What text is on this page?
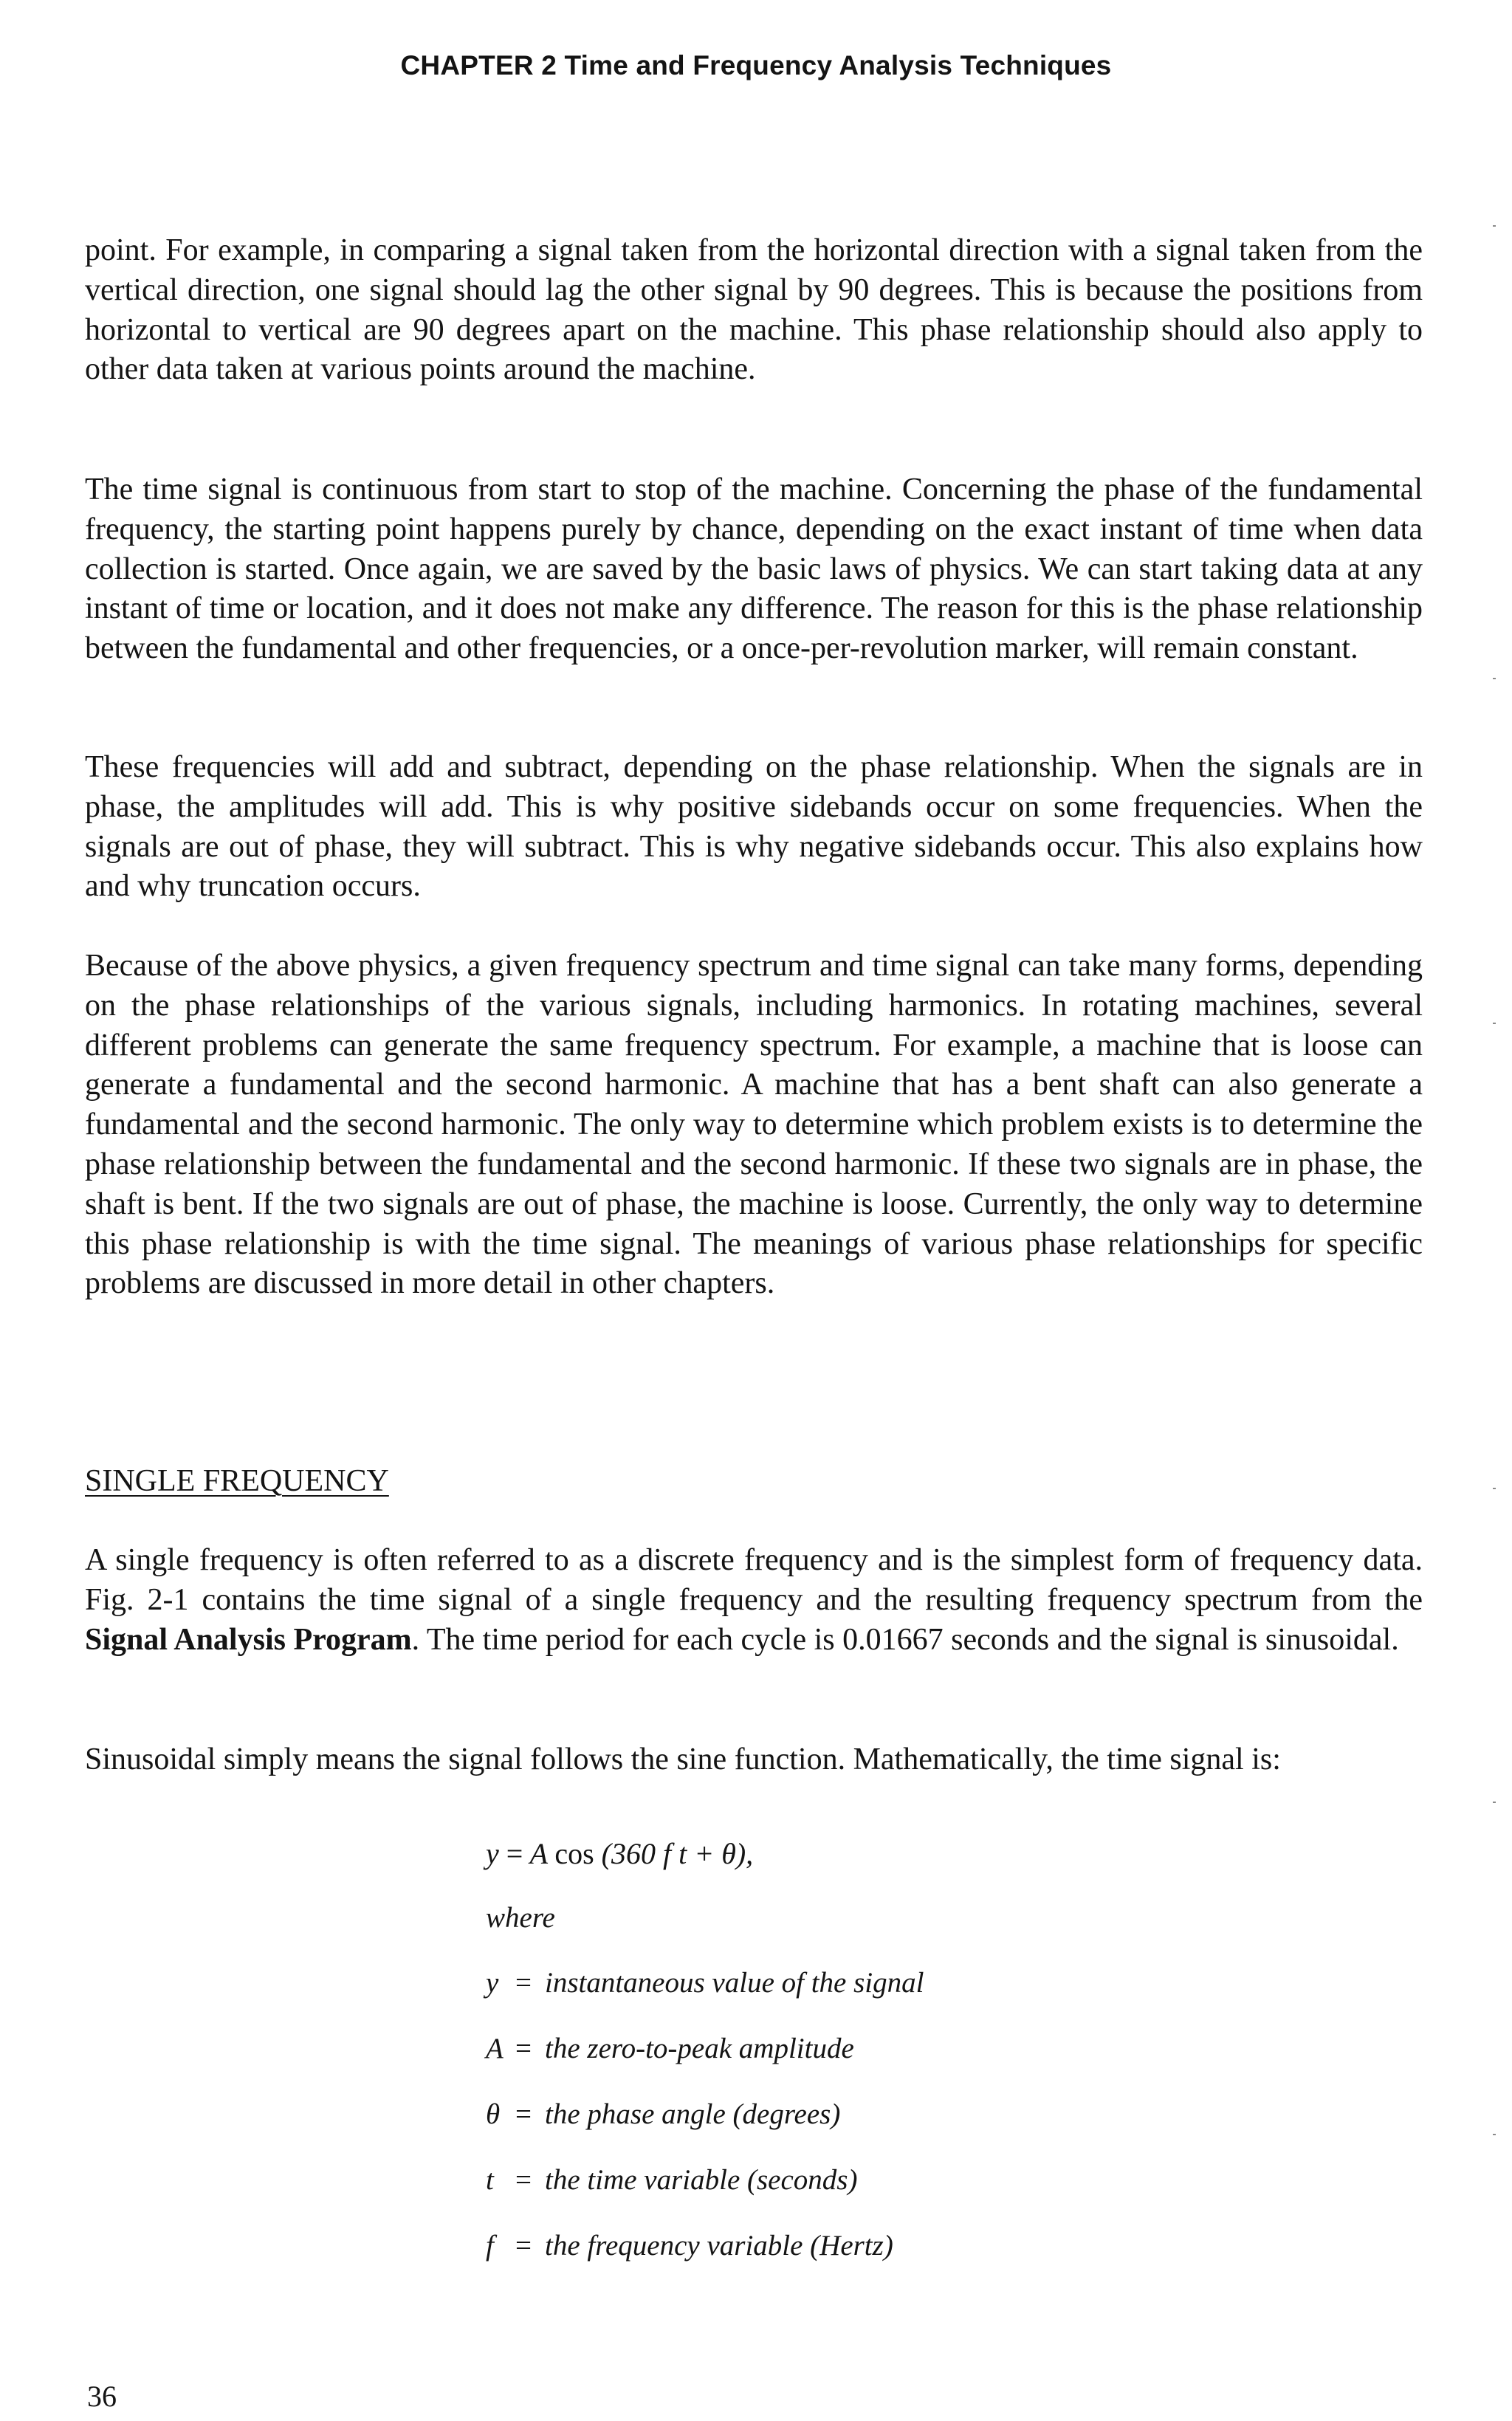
CHAPTER 2 Time and Frequency Analysis Techniques

point. For example, in comparing a signal taken from the horizontal direction with a signal taken from the vertical direction, one signal should lag the other signal by 90 degrees. This is because the positions from horizontal to vertical are 90 degrees apart on the machine. This phase relationship should also apply to other data taken at various points around the machine.

The time signal is continuous from start to stop of the machine. Concerning the phase of the fundamental frequency, the starting point happens purely by chance, depending on the exact instant of time when data collection is started. Once again, we are saved by the basic laws of physics. We can start taking data at any instant of time or location, and it does not make any difference. The reason for this is the phase relationship between the fundamental and other frequencies, or a once-per-revolution marker, will remain constant.

These frequencies will add and subtract, depending on the phase relationship. When the signals are in phase, the amplitudes will add. This is why positive sidebands occur on some frequencies. When the signals are out of phase, they will subtract. This is why negative sidebands occur. This also explains how and why truncation occurs.

Because of the above physics, a given frequency spectrum and time signal can take many forms, depending on the phase relationships of the various signals, including harmonics. In rotating machines, several different problems can generate the same frequency spectrum. For example, a machine that is loose can generate a fundamental and the second harmonic. A machine that has a bent shaft can also generate a fundamental and the second harmonic. The only way to determine which problem exists is to determine the phase relationship between the fundamental and the second harmonic. If these two signals are in phase, the shaft is bent. If the two signals are out of phase, the machine is loose. Currently, the only way to determine this phase relationship is with the time signal. The meanings of various phase relationships for specific problems are discussed in more detail in other chapters.

SINGLE FREQUENCY

A single frequency is often referred to as a discrete frequency and is the simplest form of frequency data. Fig. 2-1 contains the time signal of a single frequency and the resulting frequency spectrum from the Signal Analysis Program. The time period for each cycle is 0.01667 seconds and the signal is sinusoidal.

Sinusoidal simply means the signal follows the sine function. Mathematically, the time signal is:

y = A cos (360 f t + θ),

where

y = instantaneous value of the signal
A = the zero-to-peak amplitude
θ = the phase angle (degrees)
t = the time variable (seconds)
f = the frequency variable (Hertz)

36
